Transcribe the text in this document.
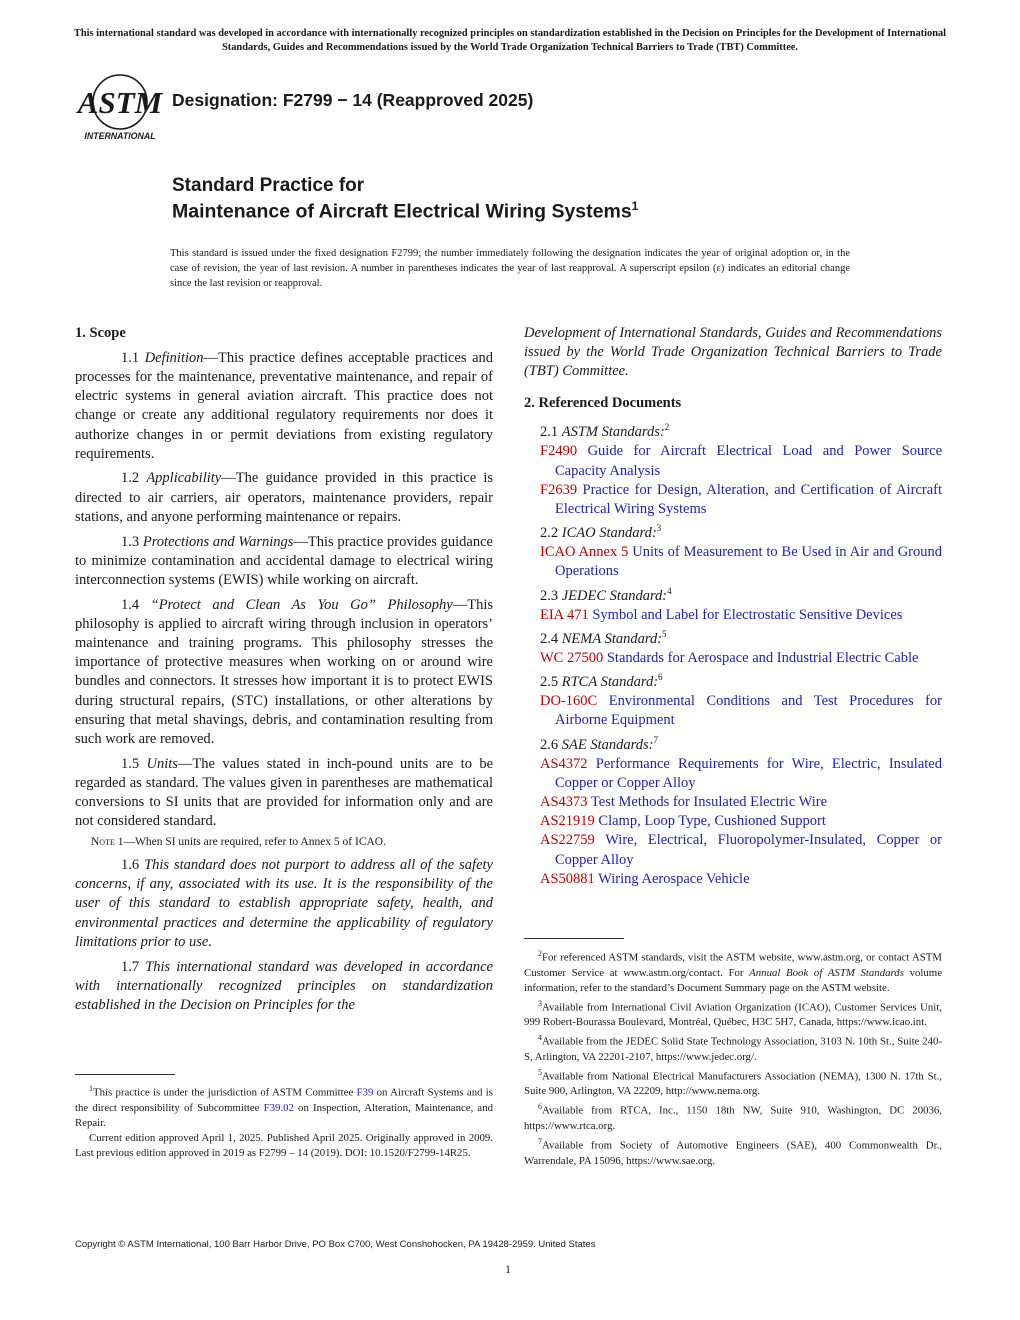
This international standard was developed in accordance with internationally recognized principles on standardization established in the Decision on Principles for the Development of International Standards, Guides and Recommendations issued by the World Trade Organization Technical Barriers to Trade (TBT) Committee.
ASTM
INTERNATIONAL
Designation: F2799 − 14 (Reapproved 2025)
Standard Practice for
Maintenance of Aircraft Electrical Wiring Systems$^1$
This standard is issued under the fixed designation F2799; the number immediately following the designation indicates the year of original adoption or, in the case of revision, the year of last revision. A number in parentheses indicates the year of last reapproval. A superscript epsilon (ε) indicates an editorial change since the last revision or reapproval.
1. Scope

1.1 Definition—This practice defines acceptable practices and processes for the maintenance, preventative maintenance, and repair of electric systems in general aviation aircraft. This practice does not change or create any additional regulatory requirements nor does it authorize changes in or permit deviations from existing regulatory requirements.

1.2 Applicability—The guidance provided in this practice is directed to air carriers, air operators, maintenance providers, repair stations, and anyone performing maintenance or repairs.

1.3 Protections and Warnings—This practice provides guidance to minimize contamination and accidental damage to electrical wiring interconnection systems (EWIS) while working on aircraft.

1.4 “Protect and Clean As You Go” Philosophy—This philosophy is applied to aircraft wiring through inclusion in operators’ maintenance and training programs. This philosophy stresses the importance of protective measures when working on or around wire bundles and connectors. It stresses how important it is to protect EWIS during structural repairs, (STC) installations, or other alterations by ensuring that metal shavings, debris, and contamination resulting from such work are removed.

1.5 Units—The values stated in inch-pound units are to be regarded as standard. The values given in parentheses are mathematical conversions to SI units that are provided for information only and are not considered standard.

Note 1—When SI units are required, refer to Annex 5 of ICAO.

1.6 This standard does not purport to address all of the safety concerns, if any, associated with its use. It is the responsibility of the user of this standard to establish appropriate safety, health, and environmental practices and determine the applicability of regulatory limitations prior to use.

1.7 This international standard was developed in accordance with internationally recognized principles on standardization established in the Decision on Principles for the

$^1$This practice is under the jurisdiction of ASTM Committee F39 on Aircraft Systems and is the direct responsibility of Subcommittee F39.02 on Inspection, Alteration, Maintenance, and Repair.

Current edition approved April 1, 2025. Published April 2025. Originally approved in 2009. Last previous edition approved in 2019 as F2799 – 14 (2019). DOI: 10.1520/F2799-14R25.

Development of International Standards, Guides and Recommendations issued by the World Trade Organization Technical Barriers to Trade (TBT) Committee.

2. Referenced Documents
2.1 ASTM Standards:$^2$
F2490 Guide for Aircraft Electrical Load and Power Source Capacity Analysis
F2639 Practice for Design, Alteration, and Certification of Aircraft Electrical Wiring Systems
2.2 ICAO Standard:$^3$
ICAO Annex 5 Units of Measurement to Be Used in Air and Ground Operations
2.3 JEDEC Standard:$^4$
EIA 471 Symbol and Label for Electrostatic Sensitive Devices
2.4 NEMA Standard:$^5$
WC 27500 Standards for Aerospace and Industrial Electric Cable
2.5 RTCA Standard:$^6$
DO-160C Environmental Conditions and Test Procedures for Airborne Equipment
2.6 SAE Standards:$^7$
AS4372 Performance Requirements for Wire, Electric, Insulated Copper or Copper Alloy
AS4373 Test Methods for Insulated Electric Wire
AS21919 Clamp, Loop Type, Cushioned Support
AS22759 Wire, Electrical, Fluoropolymer-Insulated, Copper or Copper Alloy
AS50881 Wiring Aerospace Vehicle

$^2$For referenced ASTM standards, visit the ASTM website, www.astm.org, or contact ASTM Customer Service at www.astm.org/contact. For Annual Book of ASTM Standards volume information, refer to the standard’s Document Summary page on the ASTM website.

$^3$Available from International Civil Aviation Organization (ICAO), Customer Services Unit, 999 Robert-Bourassa Boulevard, Montréal, Québec, H3C 5H7, Canada, https://www.icao.int.

$^4$Available from the JEDEC Solid State Technology Association, 3103 N. 10th St., Suite 240-S, Arlington, VA 22201-2107, https://www.jedec.org/.

$^5$Available from National Electrical Manufacturers Association (NEMA), 1300 N. 17th St., Suite 900, Arlington, VA 22209, http://www.nema.org.

$^6$Available from RTCA, Inc., 1150 18th NW, Suite 910, Washington, DC 20036, https://www.rtca.org.

$^7$Available from Society of Automotive Engineers (SAE), 400 Commonwealth Dr., Warrendale, PA 15096, https://www.sae.org.

Copyright © ASTM International, 100 Barr Harbor Drive, PO Box C700, West Conshohocken, PA 19428-2959. United States
1
